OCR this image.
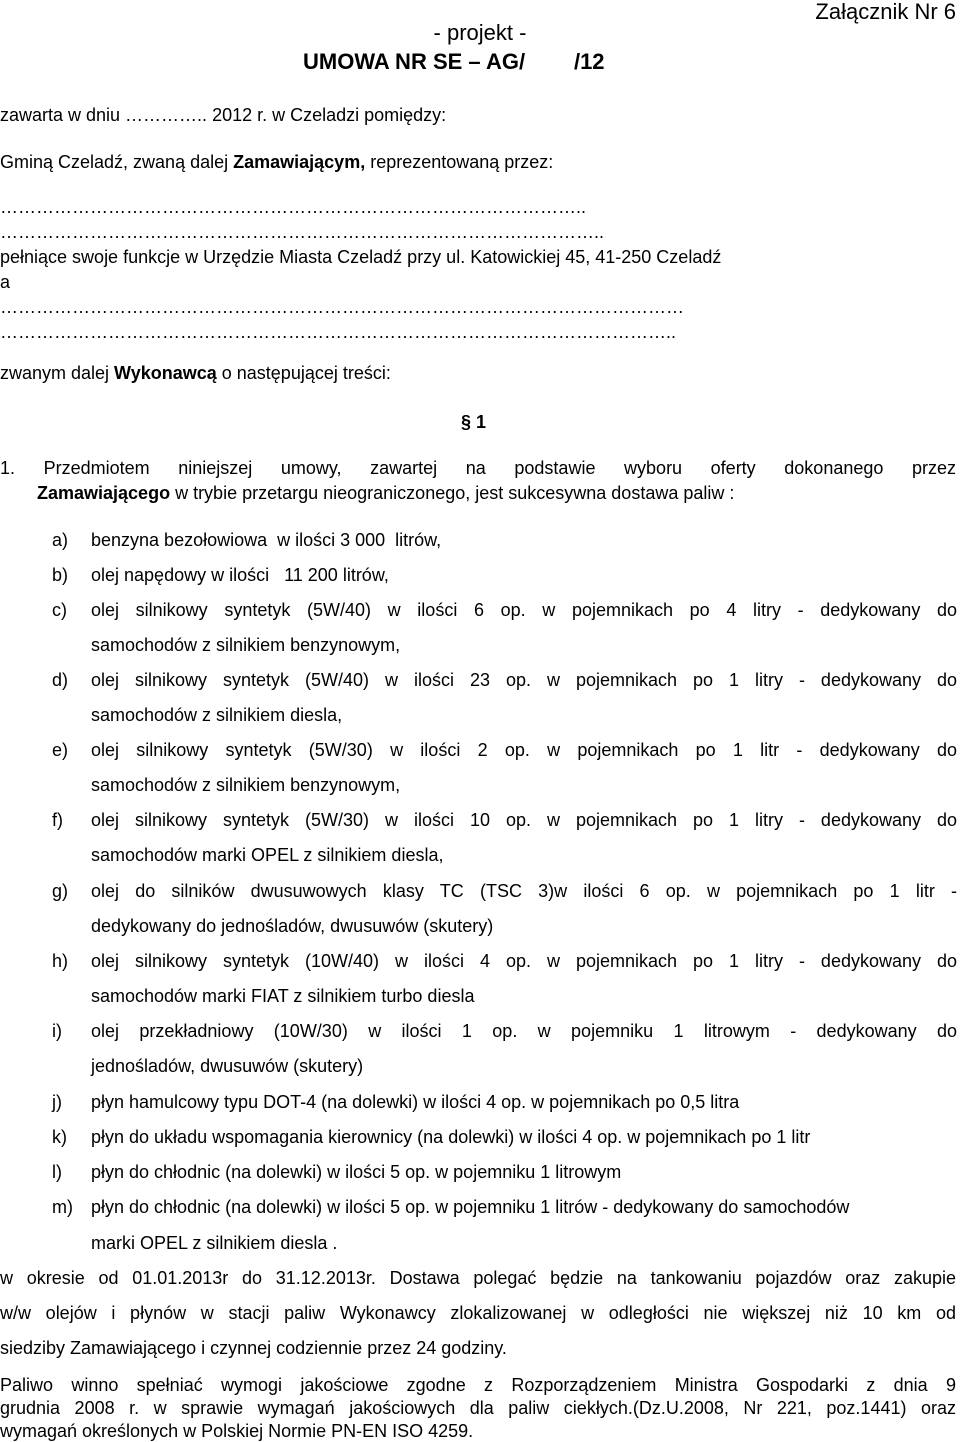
Załącznik Nr 6
- projekt -
UMOWA NR SE – AG/        /12
zawarta w dniu ………….. 2012 r. w Czeladzi pomiędzy:
Gminą Czeladź, zwaną dalej Zamawiającym, reprezentowaną przez:
……………………………………………………………………………………..
………………………………………………………………………………………..
pełniące swoje funkcje w Urzędzie Miasta Czeladź przy ul. Katowickiej 45, 41-250 Czeladź
a
……………………………………………………………………………………………………
…………………………………………………………………………………………………..
zwanym dalej Wykonawcą o następującej treści:
§ 1
1. Przedmiotem niniejszej umowy, zawartej na podstawie wyboru oferty dokonanego przez
Zamawiającego w trybie przetargu nieograniczonego, jest sukcesywna dostawa paliw :
a)	benzyna bezołowiowa  w ilości 3 000  litrów,
b)	olej napędowy w ilości   11 200 litrów,
c)	olej silnikowy syntetyk (5W/40) w ilości 6 op. w pojemnikach po 4 litry - dedykowany do
samochodów z silnikiem benzynowym,
d)	olej silnikowy syntetyk (5W/40) w ilości 23 op. w pojemnikach po 1 litry - dedykowany do
samochodów z silnikiem diesla,
e)	olej silnikowy syntetyk (5W/30) w ilości 2 op. w pojemnikach po 1 litr - dedykowany do
samochodów z silnikiem benzynowym,
f)	olej silnikowy syntetyk (5W/30) w ilości 10 op. w pojemnikach po 1 litry - dedykowany do
samochodów marki OPEL z silnikiem diesla,
g)	olej do silników dwusuwowych klasy TC (TSC 3)w ilości 6 op. w pojemnikach po 1 litr -
dedykowany do jednośladów, dwusuwów (skutery)
h)	olej silnikowy syntetyk (10W/40) w ilości 4 op. w pojemnikach po 1 litry - dedykowany do
samochodów marki FIAT z silnikiem turbo diesla
i)	olej przekładniowy (10W/30) w ilości 1 op. w pojemniku 1 litrowym - dedykowany do
jednośladów, dwusuwów (skutery)
j)	płyn hamulcowy typu DOT-4 (na dolewki) w ilości 4 op. w pojemnikach po 0,5 litra
k)	płyn do układu wspomagania kierownicy (na dolewki) w ilości 4 op. w pojemnikach po 1 litr
l)	płyn do chłodnic (na dolewki) w ilości 5 op. w pojemniku 1 litrowym
m)	płyn do chłodnic (na dolewki) w ilości 5 op. w pojemniku 1 litrów - dedykowany do samochodów
marki OPEL z silnikiem diesla .
w okresie od 01.01.2013r do 31.12.2013r. Dostawa polegać będzie na tankowaniu pojazdów oraz zakupie
w/w olejów i płynów w stacji paliw Wykonawcy zlokalizowanej w odległości nie większej niż 10 km od
siedziby Zamawiającego i czynnej codziennie przez 24 godziny.
Paliwo winno spełniać wymogi jakościowe zgodne z Rozporządzeniem Ministra Gospodarki z dnia 9
grudnia 2008 r. w sprawie wymagań jakościowych dla paliw ciekłych.(Dz.U.2008, Nr 221, poz.1441) oraz
wymagań określonych w Polskiej Normie PN-EN ISO 4259.
